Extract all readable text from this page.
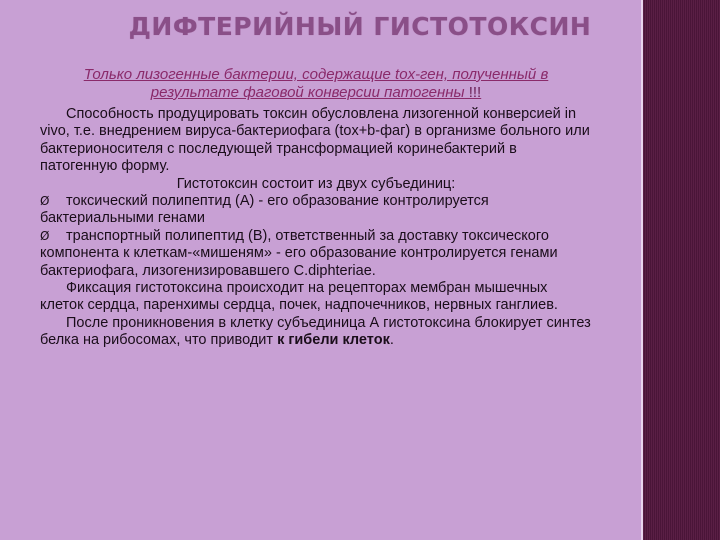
ДИФТЕРИЙНЫЙ ГИСТОТОКСИН

Только лизогенные бактерии, содержащие tox-ген, полученный в результате фаговой конверсии патогенны !!!

Способность продуцировать токсин обусловлена лизогенной конверсией in vivo, т.е. внедрением вируса-бактериофага (tox+b-фаг) в организме больного или бактерионосителя с последующей трансформацией коринебактерий в патогенную форму.

Гистотоксин состоит из двух субъединиц:

Ø токсический полипептид (А) - его образование контролируется бактериальными генами

Ø транспортный полипептид (В), ответственный за доставку токсического компонента к клеткам-«мишеням» - его образование контролируется генами бактериофага, лизогенизировавшего C.diphteriae.

Фиксация гистотоксина происходит на рецепторах мембран мышечных клеток сердца, паренхимы сердца, почек, надпочечников, нервных ганглиев.

После проникновения в клетку субъединица А гистотоксина блокирует синтез белка на рибосомах, что приводит к гибели клеток.
